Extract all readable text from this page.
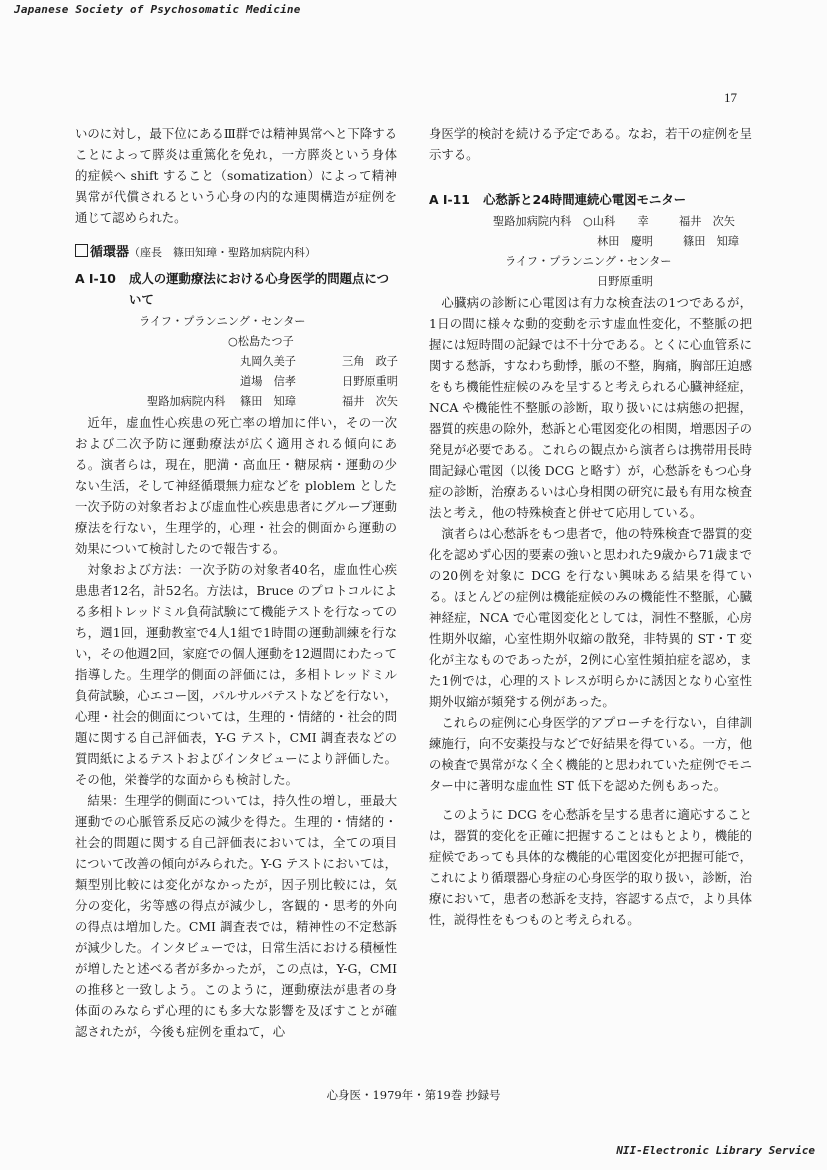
Japanese Society of Psychosomatic Medicine
17

いのに対し，最下位にあるⅢ群では精神異常へと下降することによって膵炎は重篤化を免れ，一方膵炎という身体的症候へ shift すること（somatization）によって精神異常が代償されるという心身の内的な連関構造が症例を通じて認められた。

循環器（座長　篠田知璋・聖路加病院内科）
A I-10	成人の運動療法における心身医学的問題点について
ライフ・プランニング・センター
○松島たつ子
丸岡久美子	三角　政子
道場　信孝	日野原重明
聖路加病院内科 篠田　知璋	福井　次矢

近年，虚血性心疾患の死亡率の増加に伴い，その一次および二次予防に運動療法が広く適用される傾向にある。演者らは，現在，肥満・高血圧・糖尿病・運動の少ない生活，そして神経循環無力症などを ploblem とした一次予防の対象者および虚血性心疾患患者にグループ運動療法を行ない，生理学的，心理・社会的側面から運動の効果について検討したので報告する。

対象および方法：一次予防の対象者40名，虚血性心疾患患者12名，計52名。方法は，Bruce のプロトコルによる多相トレッドミル負荷試験にて機能テストを行なってのち，週1回，運動教室で4人1組で1時間の運動訓練を行ない，その他週2回，家庭での個人運動を12週間にわたって指導した。生理学的側面の評価には，多相トレッドミル負荷試験，心エコー図，パルサルバテストなどを行ない，心理・社会的側面については，生理的・情緒的・社会的問題に関する自己評価表，Y-G テスト，CMI 調査表などの質問紙によるテストおよびインタビューにより評価した。その他，栄養学的な面からも検討した。

結果：生理学的側面については，持久性の増し，亜最大運動での心脈管系反応の減少を得た。生理的・情緒的・社会的問題に関する自己評価表においては，全ての項目について改善の傾向がみられた。Y-G テストにおいては，類型別比較には変化がなかったが，因子別比較には，気分の変化，劣等感の得点が減少し，客観的・思考的外向の得点は増加した。CMI 調査表では，精神性の不定愁訴が減少した。インタビューでは，日常生活における積極性が増したと述べる者が多かったが，この点は，Y-G，CMI の推移と一致しよう。このように，運動療法が患者の身体面のみならず心理的にも多大な影響を及ぼすことが確認されたが，今後も症例を重ねて，心

身医学的検討を続ける予定である。なお，若干の症例を呈示する。

A I-11	心愁訴と24時間連続心電図モニター
聖路加病院内科 ○山科　　幸	福井　次矢
林田　慶明	篠田　知璋
ライフ・プランニング・センター
日野原重明

心臓病の診断に心電図は有力な検査法の1つであるが，1日の間に様々な動的変動を示す虚血性変化，不整脈の把握には短時間の記録では不十分である。とくに心血管系に関する愁訴，すなわち動悸，脈の不整，胸痛，胸部圧迫感をもち機能性症候のみを呈すると考えられる心臓神経症，NCA や機能性不整脈の診断，取り扱いには病態の把握，器質的疾患の除外，愁訴と心電図変化の相関，増悪因子の発見が必要である。これらの観点から演者らは携帯用長時間記録心電図（以後 DCG と略す）が，心愁訴をもつ心身症の診断，治療あるいは心身相関の研究に最も有用な検査法と考え，他の特殊検査と併せて応用している。

演者らは心愁訴をもつ患者で，他の特殊検査で器質的変化を認めず心因的要素の強いと思われた9歳から71歳までの20例を対象に DCG を行ない興味ある結果を得ている。ほとんどの症例は機能症候のみの機能性不整脈，心臓神経症，NCA で心電図変化としては，洞性不整脈，心房性期外収縮，心室性期外収縮の散発，非特異的 ST・T 変化が主なものであったが，2例に心室性頻拍症を認め，また1例では，心理的ストレスが明らかに誘因となり心室性期外収縮が頻発する例があった。

これらの症例に心身医学的アプローチを行ない，自律訓練施行，向不安薬投与などで好結果を得ている。一方，他の検査で異常がなく全く機能的と思われていた症例でモニター中に著明な虚血性 ST 低下を認めた例もあった。

このように DCG を心愁訴を呈する患者に適応することは，器質的変化を正確に把握することはもとより，機能的症候であっても具体的な機能的心電図変化が把握可能で，これにより循環器心身症の心身医学的取り扱い，診断，治療において，患者の愁訴を支持，容認する点で，より具体性，説得性をもつものと考えられる。

心身医・1979年・第19巻 抄録号
NII-Electronic Library Service
